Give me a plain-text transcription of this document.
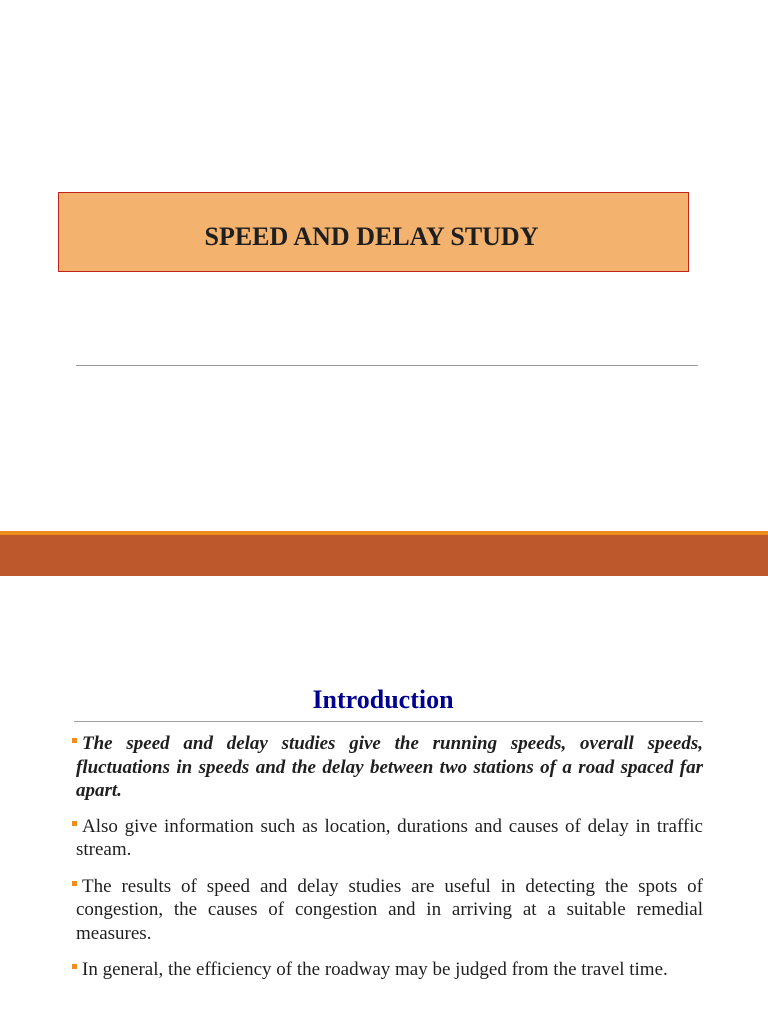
SPEED AND DELAY STUDY
Introduction
The speed and delay studies give the running speeds, overall speeds, fluctuations in speeds and the delay between two stations of a road spaced far apart.
Also give information such as location, durations and causes of delay in traffic stream.
The results of speed and delay studies are useful in detecting the spots of congestion, the causes of congestion and in arriving at a suitable remedial measures.
In general, the efficiency of the roadway may be judged from the travel time.
